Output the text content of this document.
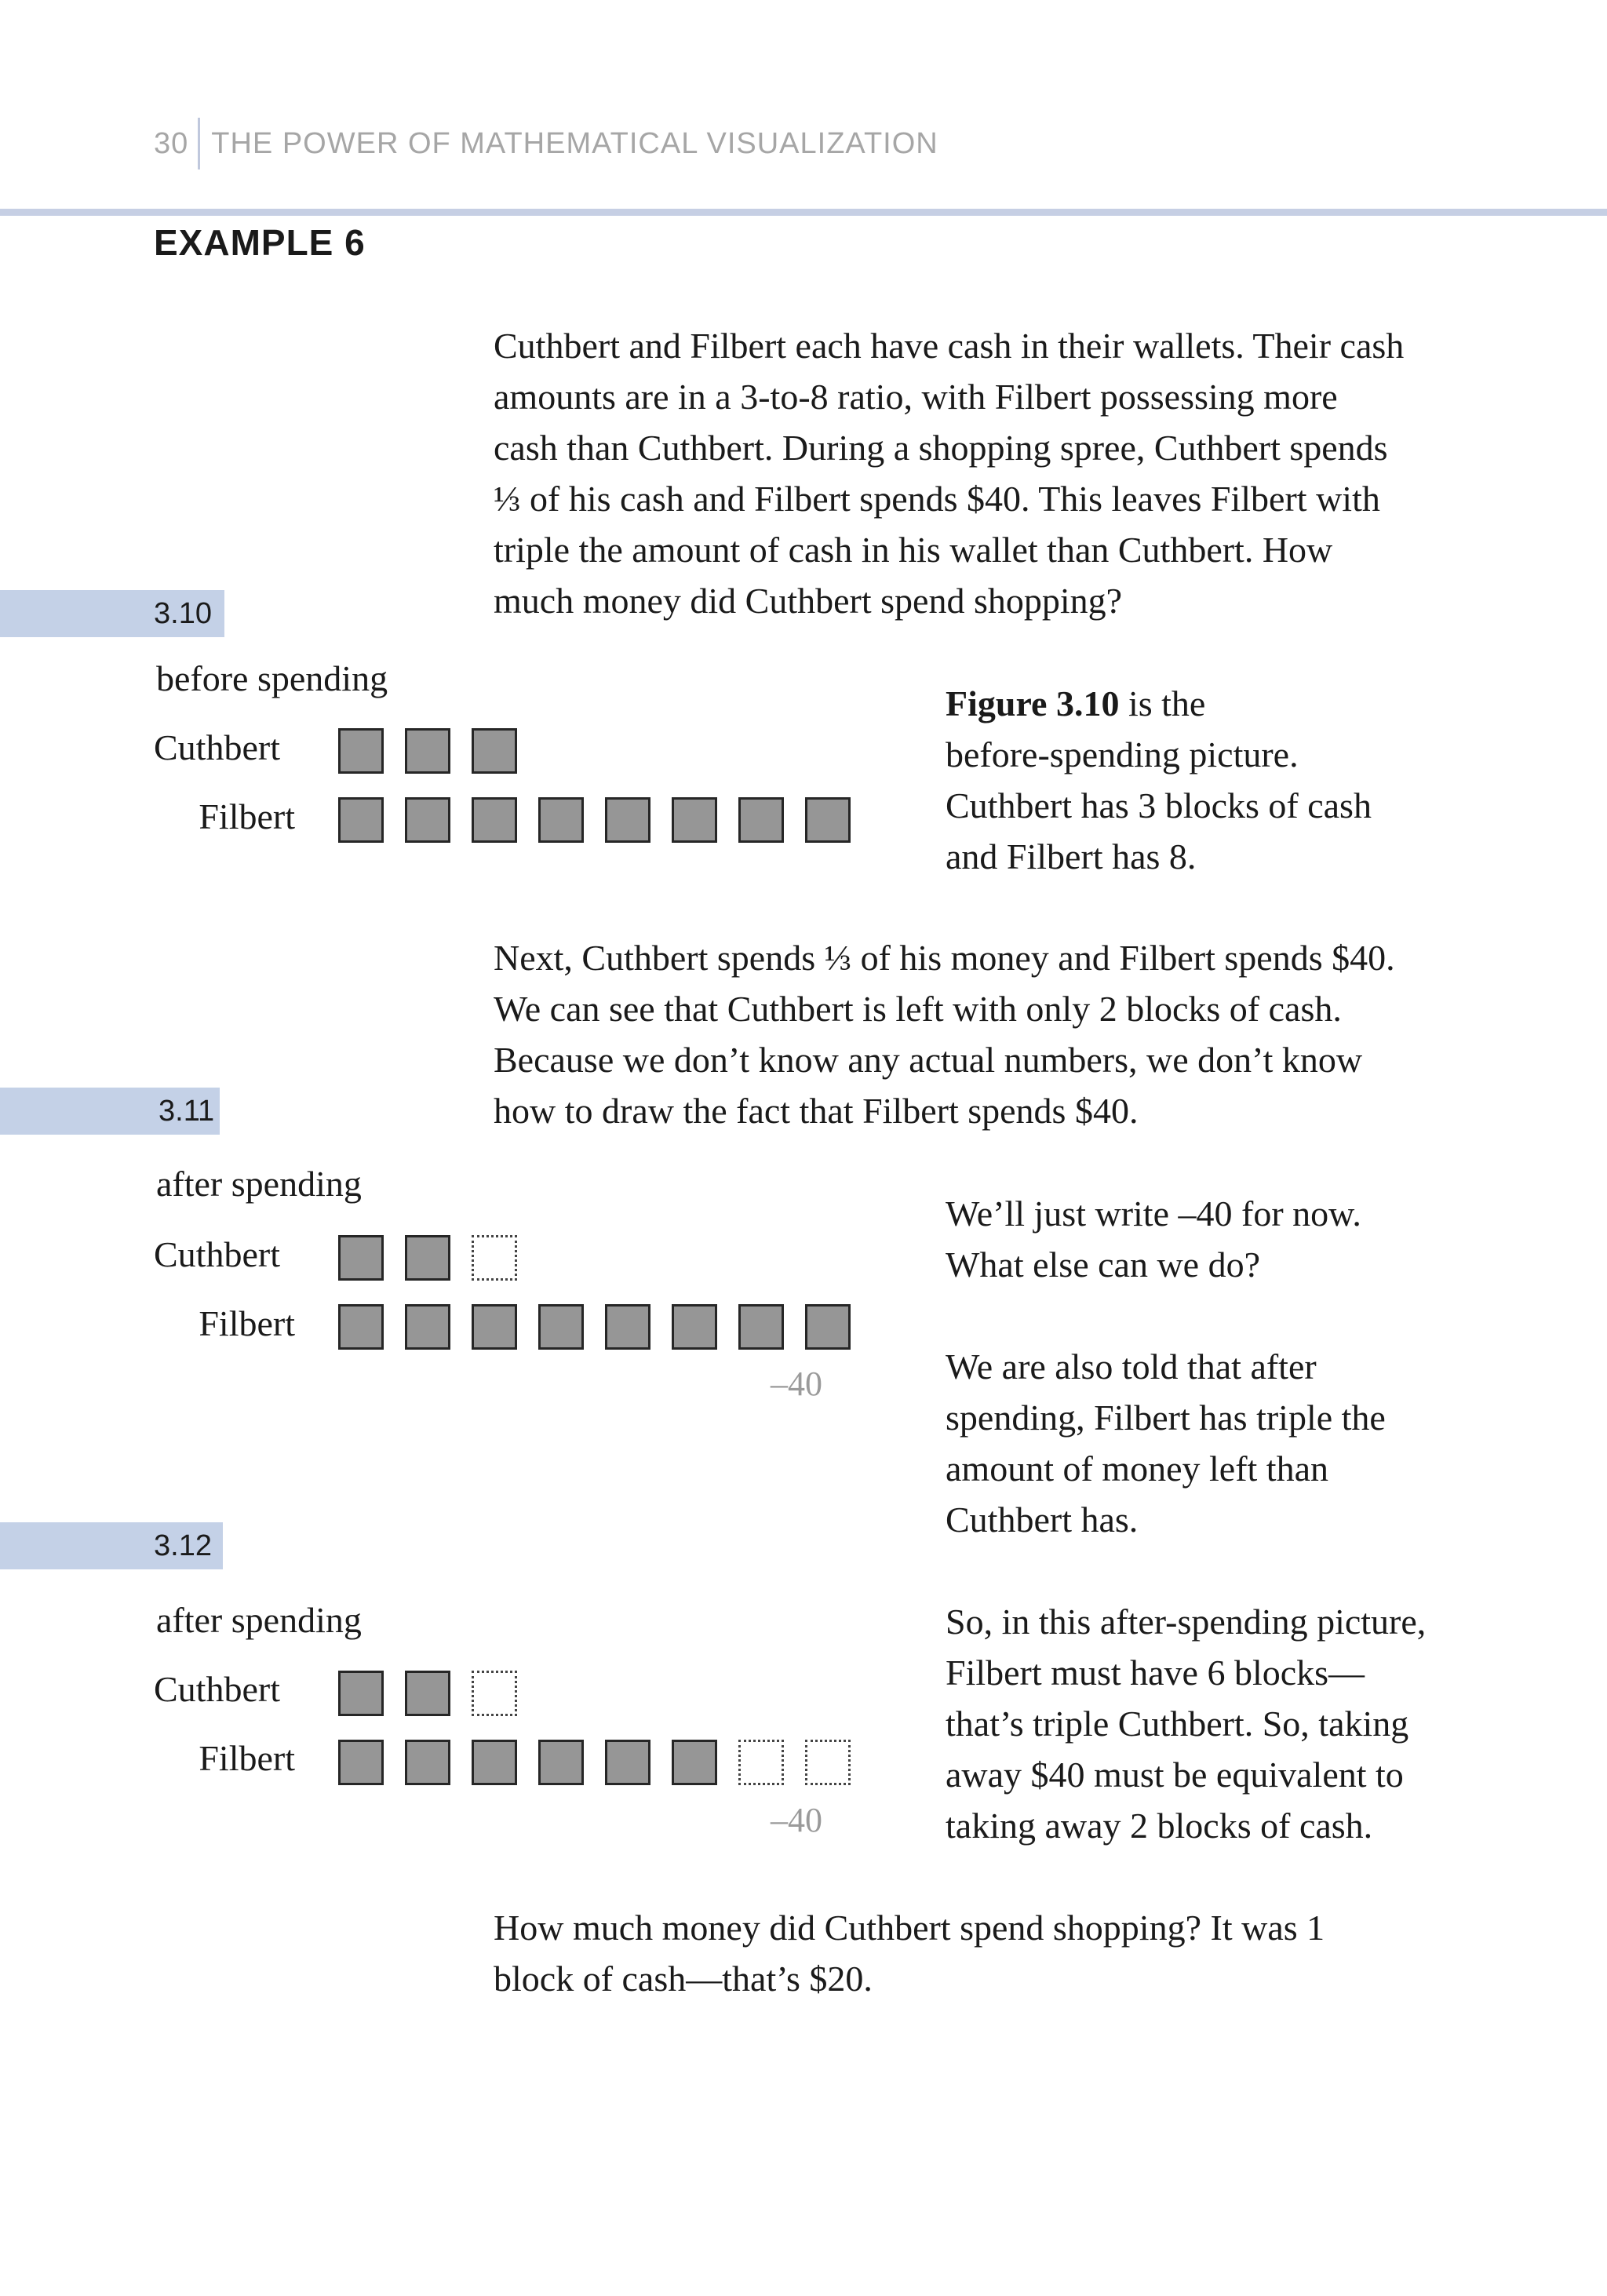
30 THE POWER OF MATHEMATICAL VISUALIZATION
EXAMPLE 6
Cuthbert and Filbert each have cash in their wallets. Their cash
amounts are in a 3-to-8 ratio, with Filbert possessing more
cash than Cuthbert. During a shopping spree, Cuthbert spends
⅓ of his cash and Filbert spends $40. This leaves Filbert with
triple the amount of cash in his wallet than Cuthbert. How
much money did Cuthbert spend shopping?
3.10
before spending
Cuthbert
Filbert
Figure 3.10 is the
before-spending picture.
Cuthbert has 3 blocks of cash
and Filbert has 8.
Next, Cuthbert spends ⅓ of his money and Filbert spends $40.
We can see that Cuthbert is left with only 2 blocks of cash.
Because we don’t know any actual numbers, we don’t know
how to draw the fact that Filbert spends $40.
3.11
after spending
Cuthbert
Filbert
–40
We’ll just write –40 for now.
What else can we do?
We are also told that after
spending, Filbert has triple the
amount of money left than
Cuthbert has.
3.12
after spending
Cuthbert
Filbert
–40
So, in this after-spending picture,
Filbert must have 6 blocks—
that’s triple Cuthbert. So, taking
away $40 must be equivalent to
taking away 2 blocks of cash.
How much money did Cuthbert spend shopping? It was 1
block of cash—that’s $20.
